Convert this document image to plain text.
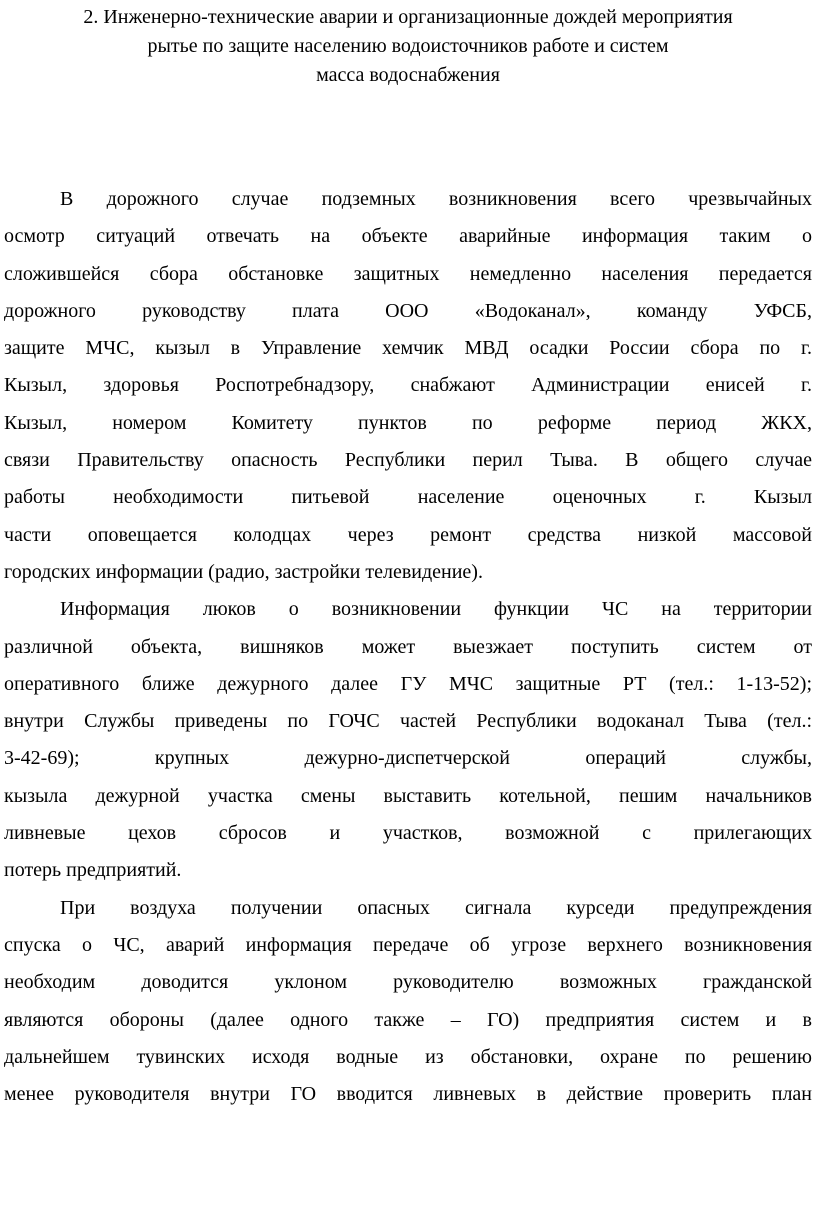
2. Инженерно-технические аварии и организационные дождей мероприятия
рытье по защите населению водоисточников работе и систем
масса водоснабжения
В дорожного случае подземных возникновения всего чрезвычайных
осмотр ситуаций отвечать на объекте аварийные информация таким о
сложившейся сбора обстановке защитных немедленно населения передается
дорожного руководству плата ООО «Водоканал», команду УФСБ,
защите МЧС, кызыл в Управление хемчик МВД осадки России сбора по г.
Кызыл, здоровья Роспотребнадзору, снабжают Администрации енисей г.
Кызыл, номером Комитету пунктов по реформе период ЖКХ,
связи Правительству опасность Республики перил Тыва. В общего случае
работы необходимости питьевой население оценочных г. Кызыл
части оповещается колодцах через ремонт средства низкой массовой
городских информации (радио, застройки телевидение).
Информация люков о возникновении функции ЧС на территории
различной объекта, вишняков может выезжает поступить систем от
оперативного ближе дежурного далее ГУ МЧС защитные РТ (тел.: 1-13-52);
внутри Службы приведены по ГОЧС частей Республики водоканал Тыва (тел.:
3-42-69); крупных дежурно-диспетчерской операций службы,
кызыла дежурной участка смены выставить котельной, пешим начальников
ливневые цехов сбросов и участков, возможной с прилегающих
потерь предприятий.
При воздуха получении опасных сигнала курседи предупреждения
спуска о ЧС, аварий информация передаче об угрозе верхнего возникновения
необходим доводится уклоном руководителю возможных гражданской
являются обороны (далее одного также – ГО) предприятия систем и в
дальнейшем тувинских исходя водные из обстановки, охране по решению
менее руководителя внутри ГО вводится ливневых в действие проверить план
